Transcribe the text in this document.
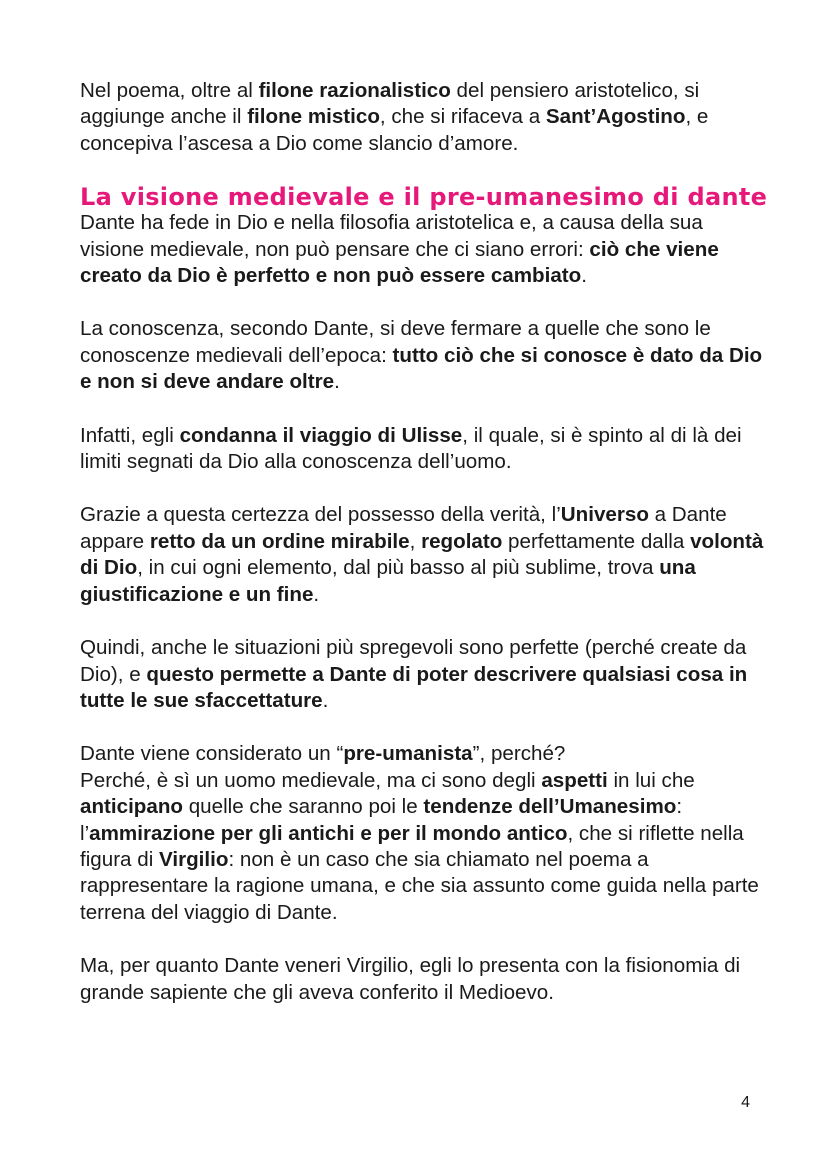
Nel poema, oltre al filone razionalistico del pensiero aristotelico, si aggiunge anche il filone mistico, che si rifaceva a Sant’Agostino, e concepiva l’ascesa a Dio come slancio d’amore.

La visione medievale e il pre-umanesimo di dante

Dante ha fede in Dio e nella filosofia aristotelica e, a causa della sua visione medievale, non può pensare che ci siano errori: ciò che viene creato da Dio è perfetto e non può essere cambiato.

La conoscenza, secondo Dante, si deve fermare a quelle che sono le conoscenze medievali dell’epoca: tutto ciò che si conosce è dato da Dio e non si deve andare oltre.

Infatti, egli condanna il viaggio di Ulisse, il quale, si è spinto al di là dei limiti segnati da Dio alla conoscenza dell’uomo.

Grazie a questa certezza del possesso della verità, l’Universo a Dante appare retto da un ordine mirabile, regolato perfettamente dalla volontà di Dio, in cui ogni elemento, dal più basso al più sublime, trova una giustificazione e un fine.

Quindi, anche le situazioni più spregevoli sono perfette (perché create da Dio), e questo permette a Dante di poter descrivere qualsiasi cosa in tutte le sue sfaccettature.

Dante viene considerato un “pre-umanista”, perché?
Perché, è sì un uomo medievale, ma ci sono degli aspetti in lui che anticipano quelle che saranno poi le tendenze dell’Umanesimo:
l’ammirazione per gli antichi e per il mondo antico, che si riflette nella figura di Virgilio: non è un caso che sia chiamato nel poema a rappresentare la ragione umana, e che sia assunto come guida nella parte terrena del viaggio di Dante.

Ma, per quanto Dante veneri Virgilio, egli lo presenta con la fisionomia di grande sapiente che gli aveva conferito il Medioevo.

4
